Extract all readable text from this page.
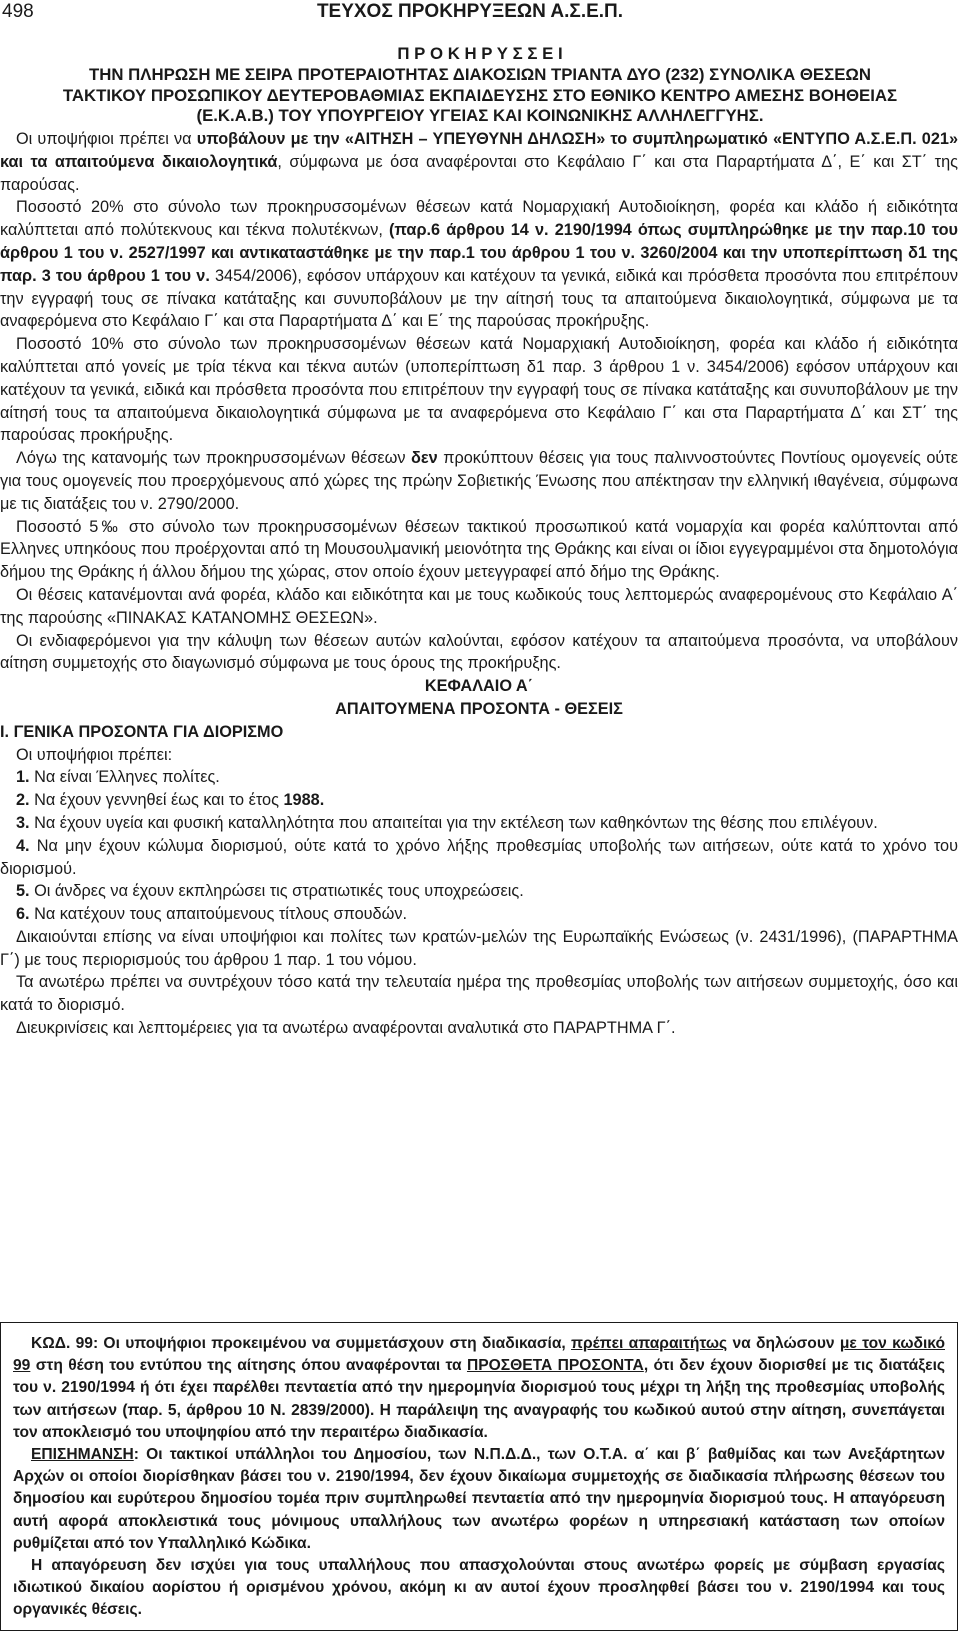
498	ΤΕΥΧΟΣ ΠΡΟΚΗΡΥΞΕΩΝ Α.Σ.Ε.Π.

Π Ρ Ο Κ Η Ρ Υ Σ Σ Ε Ι

ΤΗΝ ΠΛΗΡΩΣΗ ΜΕ ΣΕΙΡΑ ΠΡΟΤΕΡΑΙΟΤΗΤΑΣ ΔΙΑΚΟΣΙΩΝ ΤΡΙΑΝΤΑ ΔΥΟ (232) ΣΥΝΟΛΙΚΑ ΘΕΣΕΩΝ

ΤΑΚΤΙΚΟΥ ΠΡΟΣΩΠΙΚΟΥ ΔΕΥΤΕΡΟΒΑΘΜΙΑΣ ΕΚΠΑΙΔΕΥΣΗΣ ΣΤΟ ΕΘΝΙΚΟ ΚΕΝΤΡΟ ΑΜΕΣΗΣ ΒΟΗΘΕΙΑΣ

(Ε.Κ.Α.Β.) ΤΟΥ ΥΠΟΥΡΓΕΙΟΥ ΥΓΕΙΑΣ ΚΑΙ ΚΟΙΝΩΝΙΚΗΣ ΑΛΛΗΛΕΓΓΥΗΣ.

Οι υποψήφιοι πρέπει να υποβάλουν με την «ΑΙΤΗΣΗ – ΥΠΕΥΘΥΝΗ ΔΗΛΩΣΗ» το συμπληρωματικό «ΕΝΤΥΠΟ Α.Σ.Ε.Π. 021» και τα απαιτούμενα δικαιολογητικά, σύμφωνα με όσα αναφέρονται στο Κεφάλαιο Γ΄ και στα Παραρτήματα Δ΄, Ε΄ και ΣΤ΄ της παρούσας.

Ποσοστό 20% στο σύνολο των προκηρυσσομένων θέσεων κατά Νομαρχιακή Αυτοδιοίκηση, φορέα και κλάδο ή ειδικότητα καλύπτεται από πολύτεκνους και τέκνα πολυτέκνων, (παρ.6 άρθρου 14 ν. 2190/1994 όπως συμπληρώθηκε με την παρ.10 του άρθρου 1 του ν. 2527/1997 και αντικαταστάθηκε με την παρ.1 του άρθρου 1 του ν. 3260/2004 και την υποπερίπτωση δ1 της παρ. 3 του άρθρου 1 του ν. 3454/2006), εφόσον υπάρχουν και κατέχουν τα γενικά, ειδικά και πρόσθετα προσόντα που επιτρέπουν την εγγραφή τους σε πίνακα κατάταξης και συνυποβάλουν με την αίτησή τους τα απαιτούμενα δικαιολογητικά, σύμφωνα με τα αναφερόμενα στο Κεφάλαιο Γ΄ και στα Παραρτήματα Δ΄ και Ε΄ της παρούσας προκήρυξης.

Ποσοστό 10% στο σύνολο των προκηρυσσομένων θέσεων κατά Νομαρχιακή Αυτοδιοίκηση, φορέα και κλάδο ή ειδικότητα καλύπτεται από γονείς με τρία τέκνα και τέκνα αυτών (υποπερίπτωση δ1 παρ. 3 άρθρου 1 ν. 3454/2006) εφόσον υπάρχουν και κατέχουν τα γενικά, ειδικά και πρόσθετα προσόντα που επιτρέπουν την εγγραφή τους σε πίνακα κατάταξης και συνυποβάλουν με την αίτησή τους τα απαιτούμενα δικαιολογητικά σύμφωνα με τα αναφερόμενα στο Κεφάλαιο Γ΄ και στα Παραρτήματα Δ΄ και ΣΤ΄ της παρούσας προκήρυξης.

Λόγω της κατανομής των προκηρυσσομένων θέσεων δεν προκύπτουν θέσεις για τους παλιννοστούντες Ποντίους ομογενείς ούτε για τους ομογενείς που προερχόμενους από χώρες της πρώην Σοβιετικής Ένωσης που απέκτησαν την ελληνική ιθαγένεια, σύμφωνα με τις διατάξεις του ν. 2790/2000.

Ποσοστό 5‰ στο σύνολο των προκηρυσσομένων θέσεων τακτικού προσωπικού κατά νομαρχία και φορέα καλύπτονται από Ελληνες υπηκόους που προέρχονται από τη Μουσουλμανική μειονότητα της Θράκης και είναι οι ίδιοι εγγεγραμμένοι στα δημοτολόγια δήμου της Θράκης ή άλλου δήμου της χώρας, στον οποίο έχουν μετεγγραφεί από δήμο της Θράκης.

Οι θέσεις κατανέμονται ανά φορέα, κλάδο και ειδικότητα και με τους κωδικούς τους λεπτομερώς αναφερομένους στο Κεφάλαιο Α΄ της παρούσης «ΠΙΝΑΚΑΣ ΚΑΤΑΝΟΜΗΣ ΘΕΣΕΩΝ».

Οι ενδιαφερόμενοι για την κάλυψη των θέσεων αυτών καλούνται, εφόσον κατέχουν τα απαιτούμενα προσόντα, να υποβάλουν αίτηση συμμετοχής στο διαγωνισμό σύμφωνα με τους όρους της προκήρυξης.

ΚΕΦΑΛΑΙΟ Α΄

ΑΠΑΙΤΟΥΜΕΝΑ ΠΡΟΣΟΝΤΑ - ΘΕΣΕΙΣ

Ι. ΓΕΝΙΚΑ ΠΡΟΣΟΝΤΑ ΓΙΑ ΔΙΟΡΙΣΜΟ

Οι υποψήφιοι πρέπει:

1. Να είναι Έλληνες πολίτες.

2. Να έχουν γεννηθεί έως και το έτος 1988.

3. Να έχουν υγεία και φυσική καταλληλότητα που απαιτείται για την εκτέλεση των καθηκόντων της θέσης που επιλέγουν.

4. Να μην έχουν κώλυμα διορισμού, ούτε κατά το χρόνο λήξης προθεσμίας υποβολής των αιτήσεων, ούτε κατά το χρόνο του διορισμού.

5. Οι άνδρες να έχουν εκπληρώσει τις στρατιωτικές τους υποχρεώσεις.

6. Να κατέχουν τους απαιτούμενους τίτλους σπουδών.

Δικαιούνται επίσης να είναι υποψήφιοι και πολίτες των κρατών-μελών της Ευρωπαϊκής Ενώσεως (ν. 2431/1996), (ΠΑΡΑΡΤΗΜΑ Γ΄) με τους περιορισμούς του άρθρου 1 παρ. 1 του νόμου.

Τα ανωτέρω πρέπει να συντρέχουν τόσο κατά την τελευταία ημέρα της προθεσμίας υποβολής των αιτήσεων συμμετοχής, όσο και κατά το διορισμό.

Διευκρινίσεις και λεπτομέρειες για τα ανωτέρω αναφέρονται αναλυτικά στο ΠΑΡΑΡΤΗΜΑ Γ΄.

ΚΩΔ. 99: Οι υποψήφιοι προκειμένου να συμμετάσχουν στη διαδικασία, πρέπει απαραιτήτως να δηλώσουν με τον κωδικό 99 στη θέση του εντύπου της αίτησης όπου αναφέρονται τα ΠΡΟΣΘΕΤΑ ΠΡΟΣΟΝΤΑ, ότι δεν έχουν διορισθεί με τις διατάξεις του ν. 2190/1994 ή ότι έχει παρέλθει πενταετία από την ημερομηνία διορισμού τους μέχρι τη λήξη της προθεσμίας υποβολής των αιτήσεων (παρ. 5, άρθρου 10 Ν. 2839/2000). Η παράλειψη της αναγραφής του κωδικού αυτού στην αίτηση, συνεπάγεται τον αποκλεισμό του υποψηφίου από την περαιτέρω διαδικασία.

ΕΠΙΣΗΜΑΝΣΗ: Οι τακτικοί υπάλληλοι του Δημοσίου, των Ν.Π.Δ.Δ., των Ο.Τ.Α. α΄ και β΄ βαθμίδας και των Ανεξάρτητων Αρχών οι οποίοι διορίσθηκαν βάσει του ν. 2190/1994, δεν έχουν δικαίωμα συμμετοχής σε διαδικασία πλήρωσης θέσεων του δημοσίου και ευρύτερου δημοσίου τομέα πριν συμπληρωθεί πενταετία από την ημερομηνία διορισμού τους. Η απαγόρευση αυτή αφορά αποκλειστικά τους μόνιμους υπαλλήλους των ανωτέρω φορέων η υπηρεσιακή κατάσταση των οποίων ρυθμίζεται από τον Υπαλληλικό Κώδικα.

Η απαγόρευση δεν ισχύει για τους υπαλλήλους που απασχολούνται στους ανωτέρω φορείς με σύμβαση εργασίας ιδιωτικού δικαίου αορίστου ή ορισμένου χρόνου, ακόμη κι αν αυτοί έχουν προσληφθεί βάσει του ν. 2190/1994 και τους οργανικές θέσεις.
